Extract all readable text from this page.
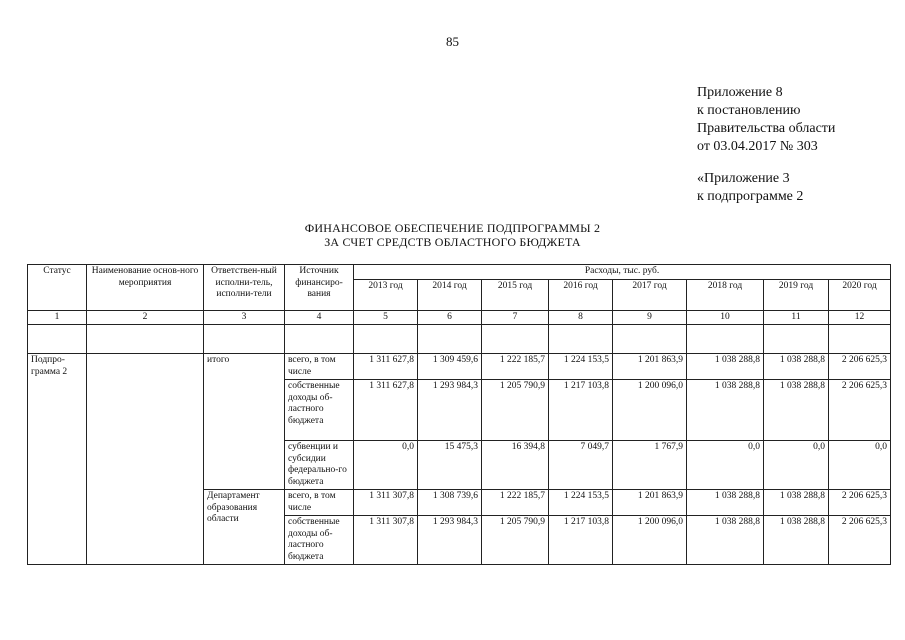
85
Приложение 8
к постановлению
Правительства области
от 03.04.2017 № 303
«Приложение 3
к подпрограмме 2
ФИНАНСОВОЕ ОБЕСПЕЧЕНИЕ ПОДПРОГРАММЫ 2
ЗА СЧЕТ СРЕДСТВ ОБЛАСТНОГО БЮДЖЕТА
Статус	Наименование основ-ного мероприятия	Ответствен-ный исполни-тель, исполни-тели	Источник финансиро-вания	Расходы, тыс. руб.							
				2013 год	2014 год	2015 год	2016 год	2017 год	2018 год	2019 год	2020 год
1	2	3	4	5	6	7	8	9	10	11	12

Подпро-грамма 2		итого	всего, в том числе	1 311 627,8	1 309 459,6	1 222 185,7	1 224 153,5	1 201 863,9	1 038 288,8	1 038 288,8	2 206 625,3
			собственные доходы об-ластного бюджета	1 311 627,8	1 293 984,3	1 205 790,9	1 217 103,8	1 200 096,0	1 038 288,8	1 038 288,8	2 206 625,3
			субвенции и субсидии федерально-го бюджета	0,0	15 475,3	16 394,8	7 049,7	1 767,9	0,0	0,0	0,0
		Департамент образования области	всего, в том числе	1 311 307,8	1 308 739,6	1 222 185,7	1 224 153,5	1 201 863,9	1 038 288,8	1 038 288,8	2 206 625,3
			собственные доходы об-ластного бюджета	1 311 307,8	1 293 984,3	1 205 790,9	1 217 103,8	1 200 096,0	1 038 288,8	1 038 288,8	2 206 625,3
